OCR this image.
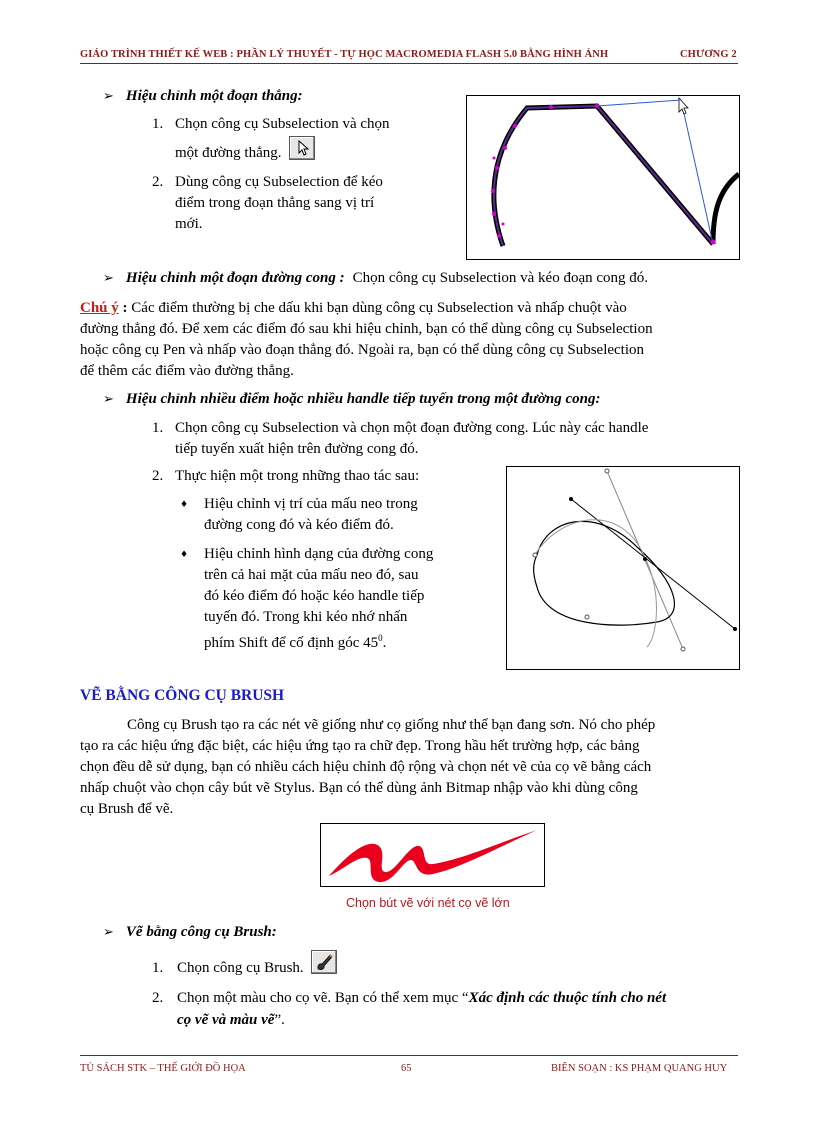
GIÁO TRÌNH THIẾT KẾ WEB : PHẦN LÝ THUYẾT - TỰ HỌC MACROMEDIA FLASH 5.0 BẰNG HÌNH ẢNH	CHƯƠNG 2
➢ Hiệu chỉnh một đoạn thẳng:
1. Chọn công cụ Subselection và chọn
một đường thẳng.
2. Dùng công cụ Subselection để kéo
điểm trong đoạn thẳng sang vị trí
mới.
➢ Hiệu chỉnh một đoạn đường cong : Chọn công cụ Subselection và kéo đoạn cong đó.
Chú ý : Các điểm thường bị che dấu khi bạn dùng công cụ Subselection và nhấp chuột vào
đường thẳng đó. Để xem các điểm đó sau khi hiệu chỉnh, bạn có thể dùng công cụ Subselection
hoặc công cụ Pen và nhấp vào đoạn thẳng đó. Ngoài ra, bạn có thể dùng công cụ Subselection
để thêm các điểm vào đường thẳng.
➢ Hiệu chỉnh nhiều điểm hoặc nhiều handle tiếp tuyến trong một đường cong:
1. Chọn công cụ Subselection và chọn một đoạn đường cong. Lúc này các handle
tiếp tuyến xuất hiện trên đường cong đó.
2. Thực hiện một trong những thao tác sau:
♦ Hiệu chỉnh vị trí của mấu neo trong
đường cong đó và kéo điểm đó.
♦ Hiệu chỉnh hình dạng của đường cong
trên cả hai mặt của mấu neo đó, sau
đó kéo điểm đó hoặc kéo handle tiếp
tuyến đó. Trong khi kéo nhớ nhấn
phím Shift để cố định góc $45^0$.
VẼ BẰNG CÔNG CỤ BRUSH
Công cụ Brush tạo ra các nét vẽ giống như cọ giống như thể bạn đang sơn. Nó cho phép
tạo ra các hiệu ứng đặc biệt, các hiệu ứng tạo ra chữ đẹp. Trong hầu hết trường hợp, các bảng
chọn đều dễ sử dụng, bạn có nhiều cách hiệu chỉnh độ rộng và chọn nét vẽ của cọ vẽ bằng cách
nhấp chuột vào chọn cây bút vẽ Stylus. Bạn có thể dùng ảnh Bitmap nhập vào khi dùng công
cụ Brush để vẽ.
Chọn bút vẽ với nét cọ vẽ lớn
➢ Vẽ bằng công cụ Brush:
1. Chọn công cụ Brush.
2. Chọn một màu cho cọ vẽ. Bạn có thể xem mục “Xác định các thuộc tính cho nét
cọ vẽ và màu vẽ”.
TỦ SÁCH STK – THẾ GIỚI ĐỒ HỌA	65	BIÊN SOẠN : KS PHẠM QUANG HUY
